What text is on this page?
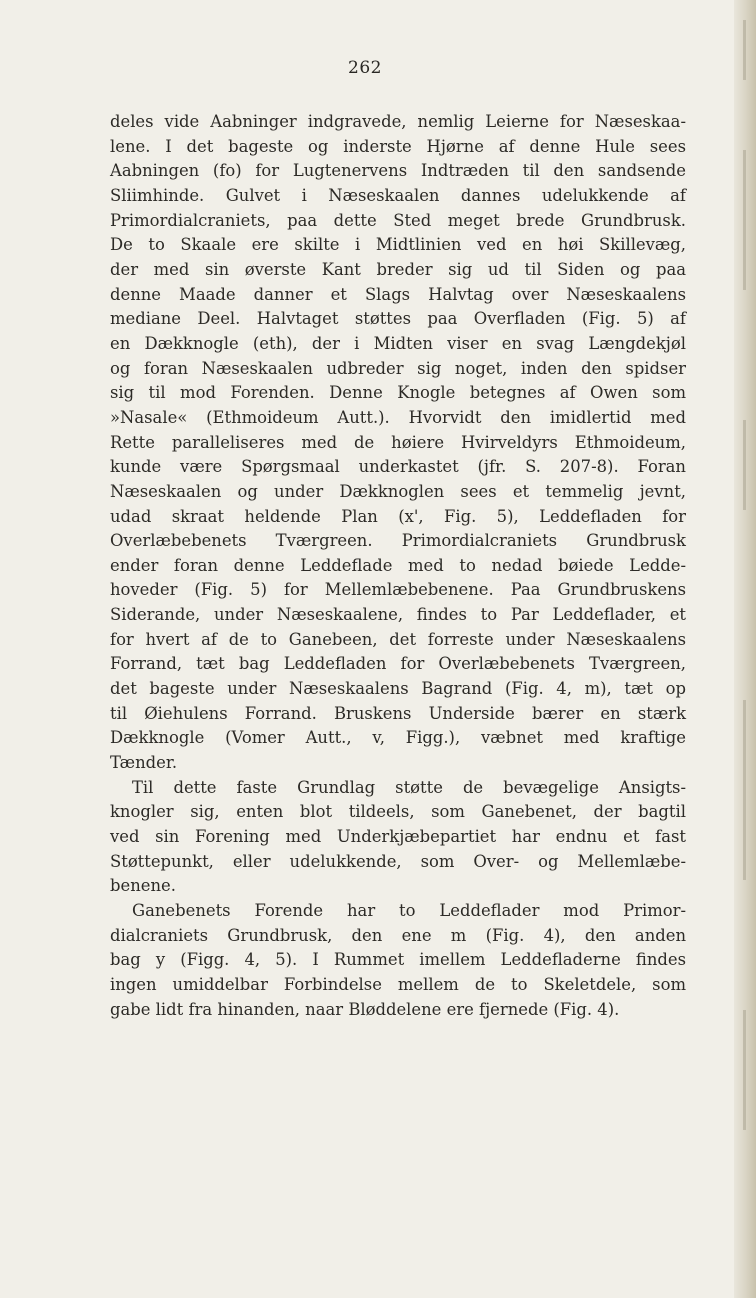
262
deles vide Aabninger indgravede, nemlig Leierne for Næseskaa-
lene. I det bageste og inderste Hjørne af denne Hule sees
Aabningen (fo) for Lugtenervens Indtræden til den sandsende
Sliimhinde. Gulvet i Næseskaalen dannes udelukkende af
Primordialcraniets, paa dette Sted meget brede Grundbrusk.
De to Skaale ere skilte i Midtlinien ved en høi Skillevæg,
der med sin øverste Kant breder sig ud til Siden og paa
denne Maade danner et Slags Halvtag over Næseskaalens
mediane Deel. Halvtaget støttes paa Overfladen (Fig. 5) af
en Dækknogle (eth), der i Midten viser en svag Længdekjøl
og foran Næseskaalen udbreder sig noget, inden den spidser
sig til mod Forenden. Denne Knogle betegnes af Owen som
»Nasale« (Ethmoideum Autt.). Hvorvidt den imidlertid med
Rette paralleliseres med de høiere Hvirveldyrs Ethmoideum,
kunde være Spørgsmaal underkastet (jfr. S. 207-8). Foran
Næseskaalen og under Dækknoglen sees et temmelig jevnt,
udad skraat heldende Plan (x', Fig. 5), Leddefladen for
Overlæbebenets Tværgreen. Primordialcraniets Grundbrusk
ender foran denne Leddeflade med to nedad bøiede Ledde-
hoveder (Fig. 5) for Mellemlæbebenene. Paa Grundbruskens
Siderande, under Næseskaalene, findes to Par Leddeflader, et
for hvert af de to Ganebeen, det forreste under Næseskaalens
Forrand, tæt bag Leddefladen for Overlæbebenets Tværgreen,
det bageste under Næseskaalens Bagrand (Fig. 4, m), tæt op
til Øiehulens Forrand. Bruskens Underside bærer en stærk
Dækknogle (Vomer Autt., v, Figg.), væbnet med kraftige
Tænder.
Til dette faste Grundlag støtte de bevægelige Ansigts-
knogler sig, enten blot tildeels, som Ganebenet, der bagtil
ved sin Forening med Underkjæbepartiet har endnu et fast
Støttepunkt, eller udelukkende, som Over- og Mellemlæbe-
benene.
Ganebenets Forende har to Leddeflader mod Primor-
dialcraniets Grundbrusk, den ene m (Fig. 4), den anden
bag y (Figg. 4, 5). I Rummet imellem Leddefladerne findes
ingen umiddelbar Forbindelse mellem de to Skeletdele, som
gabe lidt fra hinanden, naar Bløddelene ere fjernede (Fig. 4).
